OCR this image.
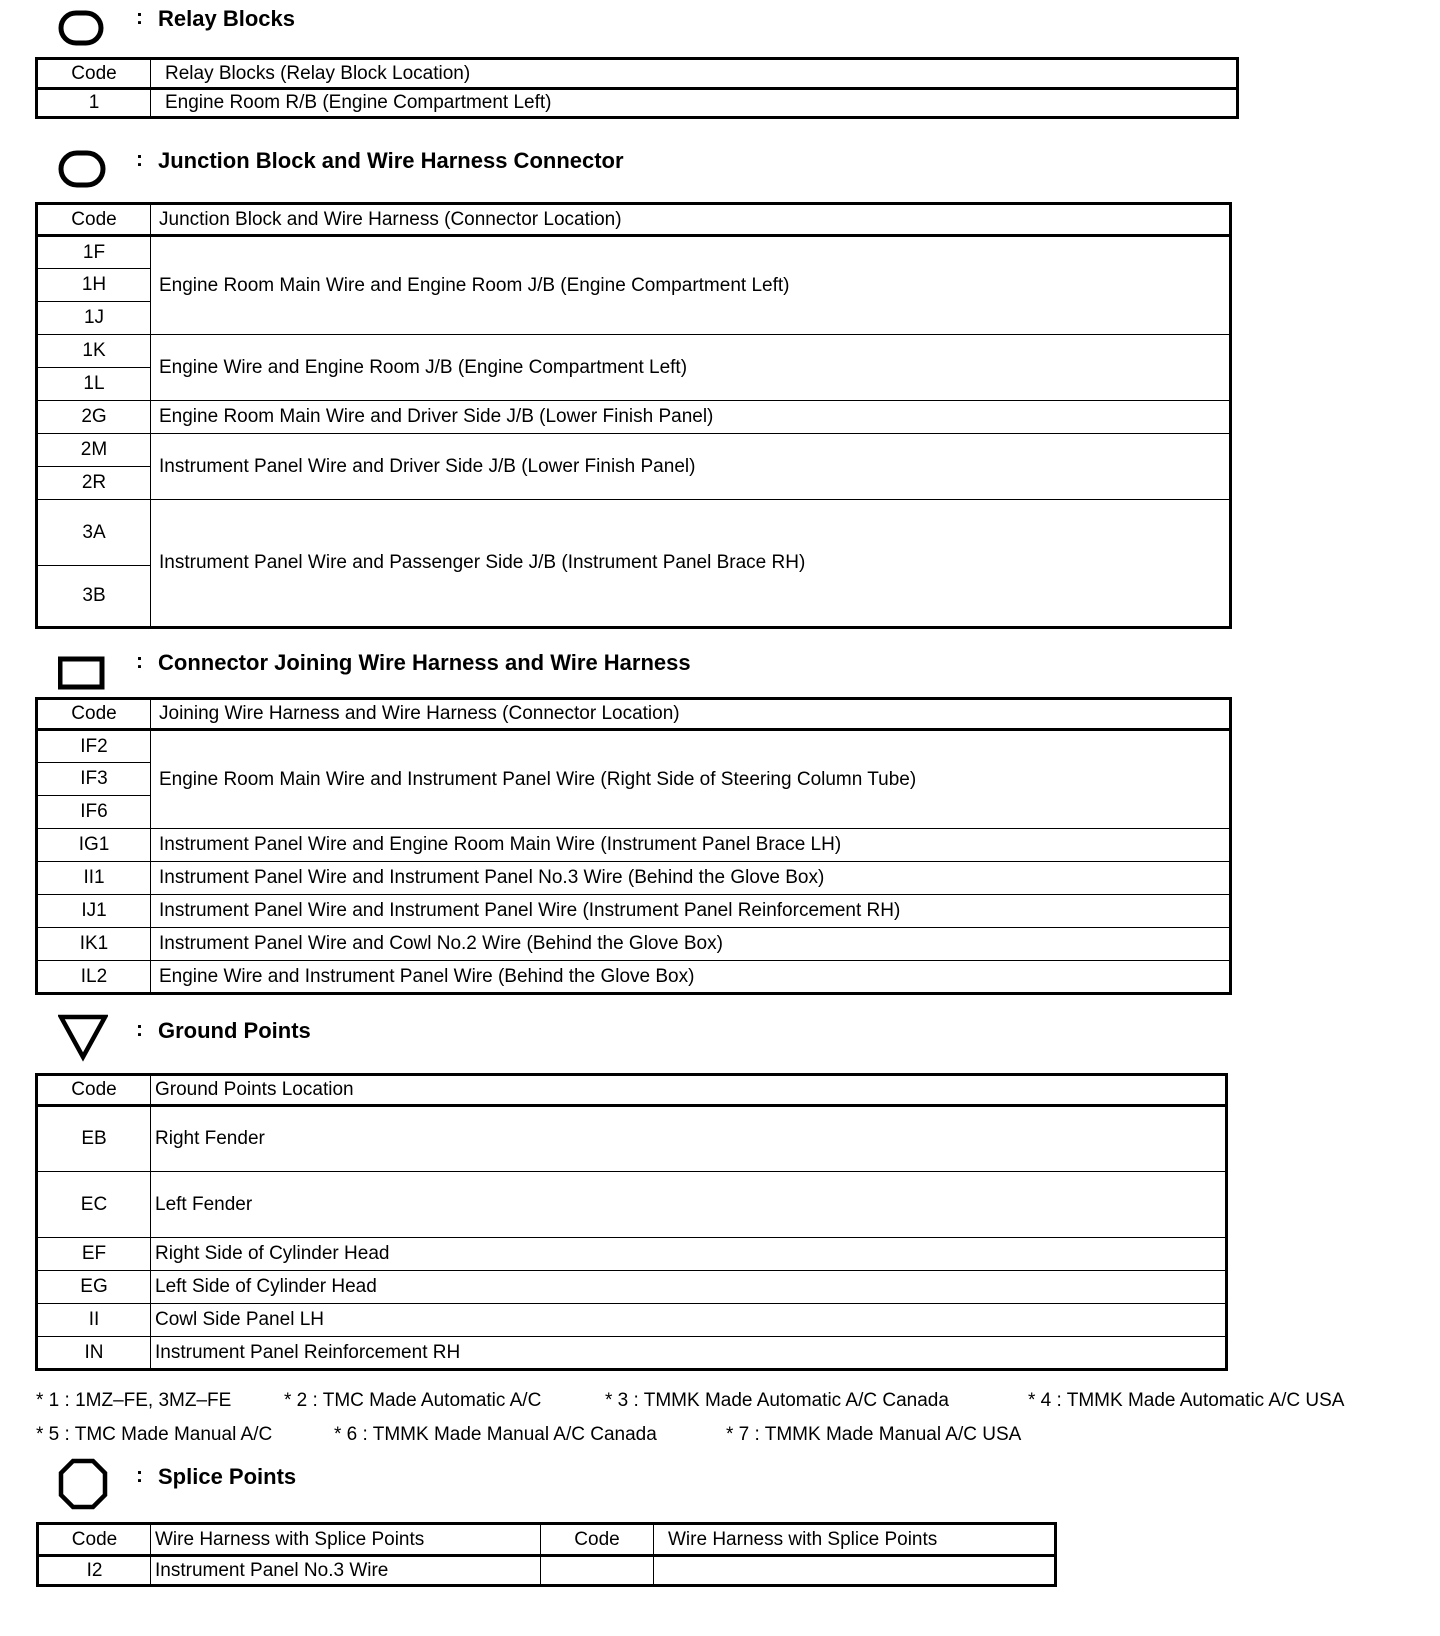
: Relay Blocks
Code	Relay Blocks (Relay Block Location)
1	Engine Room R/B (Engine Compartment Left)
: Junction Block and Wire Harness Connector
Code	Junction Block and Wire Harness (Connector Location)
1F	Engine Room Main Wire and Engine Room J/B (Engine Compartment Left)
1H	
1J	
1K	Engine Wire and Engine Room J/B (Engine Compartment Left)
1L	
2G	Engine Room Main Wire and Driver Side J/B (Lower Finish Panel)
2M	Instrument Panel Wire and Driver Side J/B (Lower Finish Panel)
2R	
3A	Instrument Panel Wire and Passenger Side J/B (Instrument Panel Brace RH)
3B	
: Connector Joining Wire Harness and Wire Harness
Code	Joining Wire Harness and Wire Harness (Connector Location)
IF2	Engine Room Main Wire and Instrument Panel Wire (Right Side of Steering Column Tube)
IF3	
IF6	
IG1	Instrument Panel Wire and Engine Room Main Wire (Instrument Panel Brace LH)
II1	Instrument Panel Wire and Instrument Panel No.3 Wire (Behind the Glove Box)
IJ1	Instrument Panel Wire and Instrument Panel Wire (Instrument Panel Reinforcement RH)
IK1	Instrument Panel Wire and Cowl No.2 Wire (Behind the Glove Box)
IL2	Engine Wire and Instrument Panel Wire (Behind the Glove Box)
: Ground Points
Code	Ground Points Location
EB	Right Fender
EC	Left Fender
EF	Right Side of Cylinder Head
EG	Left Side of Cylinder Head
II	Cowl Side Panel LH
IN	Instrument Panel Reinforcement RH
* 1 : 1MZ–FE, 3MZ–FE	* 2 : TMC Made Automatic A/C	* 3 : TMMK Made Automatic A/C Canada	* 4 : TMMK Made Automatic A/C USA
* 5 : TMC Made Manual A/C	* 6 : TMMK Made Manual A/C Canada	* 7 : TMMK Made Manual A/C USA
: Splice Points
Code	Wire Harness with Splice Points	Code	Wire Harness with Splice Points
I2	Instrument Panel No.3 Wire		
